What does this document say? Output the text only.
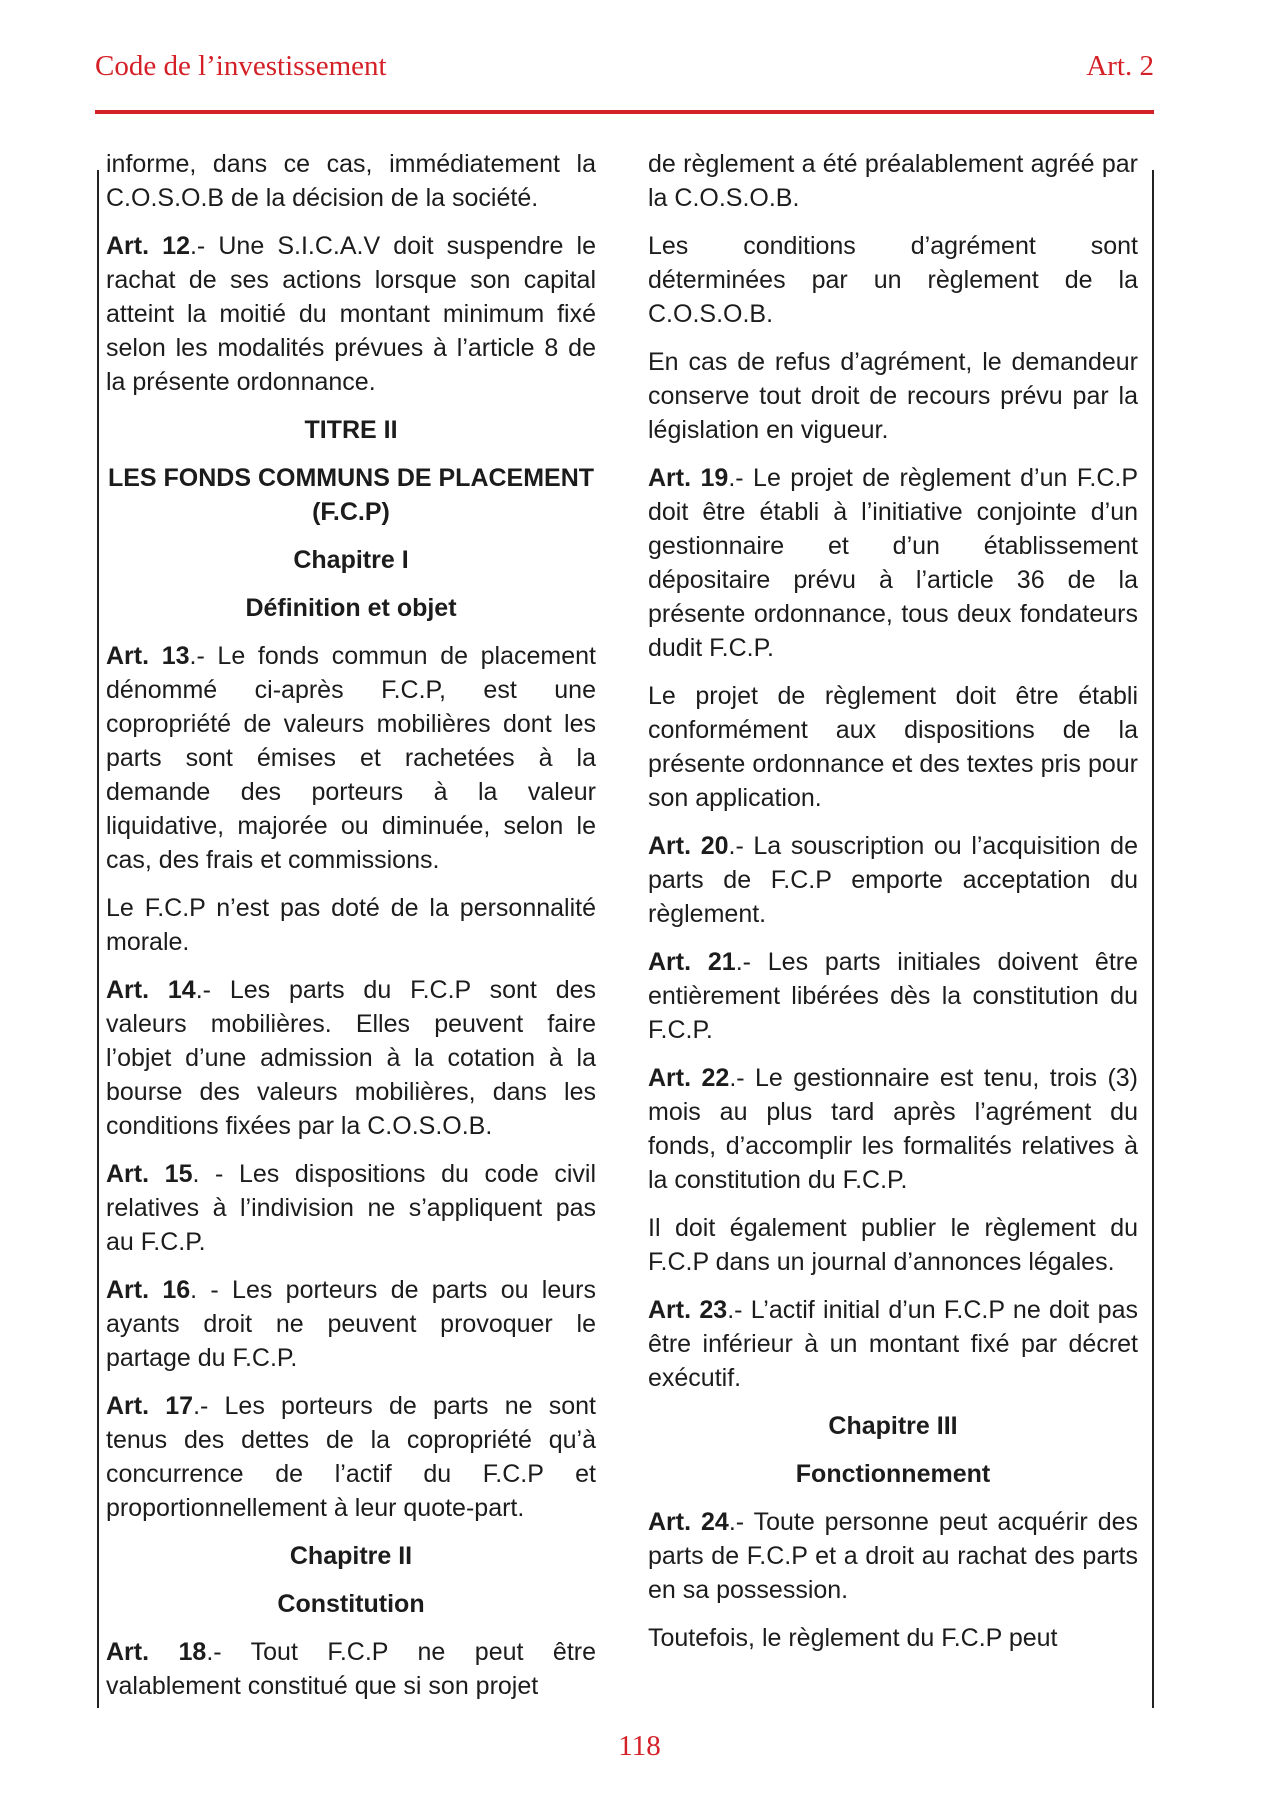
Code de l’investissement	Art. 2
informe, dans ce cas, immédiatement la C.O.S.O.B de la décision de la société.
Art. 12.- Une S.I.C.A.V doit suspendre le rachat de ses actions lorsque son capital atteint la moitié du montant minimum fixé selon les modalités prévues à l’article 8 de la présente ordonnance.
TITRE II
LES FONDS COMMUNS DE PLACEMENT (F.C.P)
Chapitre I
Définition et objet
Art. 13.- Le fonds commun de placement dénommé ci-après F.C.P, est une copropriété de valeurs mobilières dont les parts sont émises et rachetées à la demande des porteurs à la valeur liquidative, majorée ou diminuée, selon le cas, des frais et commissions.
Le F.C.P n’est pas doté de la personnalité morale.
Art. 14.- Les parts du F.C.P sont des valeurs mobilières. Elles peuvent faire l’objet d’une admission à la cotation à la bourse des valeurs mobilières, dans les conditions fixées par la C.O.S.O.B.
Art. 15. - Les dispositions du code civil relatives à l’indivision ne s’appliquent pas au F.C.P.
Art. 16. - Les porteurs de parts ou leurs ayants droit ne peuvent provoquer le partage du F.C.P.
Art. 17.- Les porteurs de parts ne sont tenus des dettes de la copropriété qu’à concurrence de l’actif du F.C.P et proportionnellement à leur quote-part.
Chapitre II
Constitution
Art. 18.- Tout F.C.P ne peut être valablement constitué que si son projet
de règlement a été préalablement agréé par la C.O.S.O.B.
Les conditions d’agrément sont déterminées par un règlement de la C.O.S.O.B.
En cas de refus d’agrément, le demandeur conserve tout droit de recours prévu par la législation en vigueur.
Art. 19.- Le projet de règlement d’un F.C.P doit être établi à l’initiative conjointe d’un gestionnaire et d’un établissement dépositaire prévu à l’article 36 de la présente ordonnance, tous deux fondateurs dudit F.C.P.
Le projet de règlement doit être établi conformément aux dispositions de la présente ordonnance et des textes pris pour son application.
Art. 20.- La souscription ou l’acquisition de parts de F.C.P emporte acceptation du règlement.
Art. 21.- Les parts initiales doivent être entièrement libérées dès la constitution du F.C.P.
Art. 22.- Le gestionnaire est tenu, trois (3) mois au plus tard après l’agrément du fonds, d’accomplir les formalités relatives à la constitution du F.C.P.
Il doit également publier le règlement du F.C.P dans un journal d’annonces légales.
Art. 23.- L’actif initial d’un F.C.P ne doit pas être inférieur à un montant fixé par décret exécutif.
Chapitre III
Fonctionnement
Art. 24.- Toute personne peut acquérir des parts de F.C.P et a droit au rachat des parts en sa possession.
Toutefois, le règlement du F.C.P peut
118
